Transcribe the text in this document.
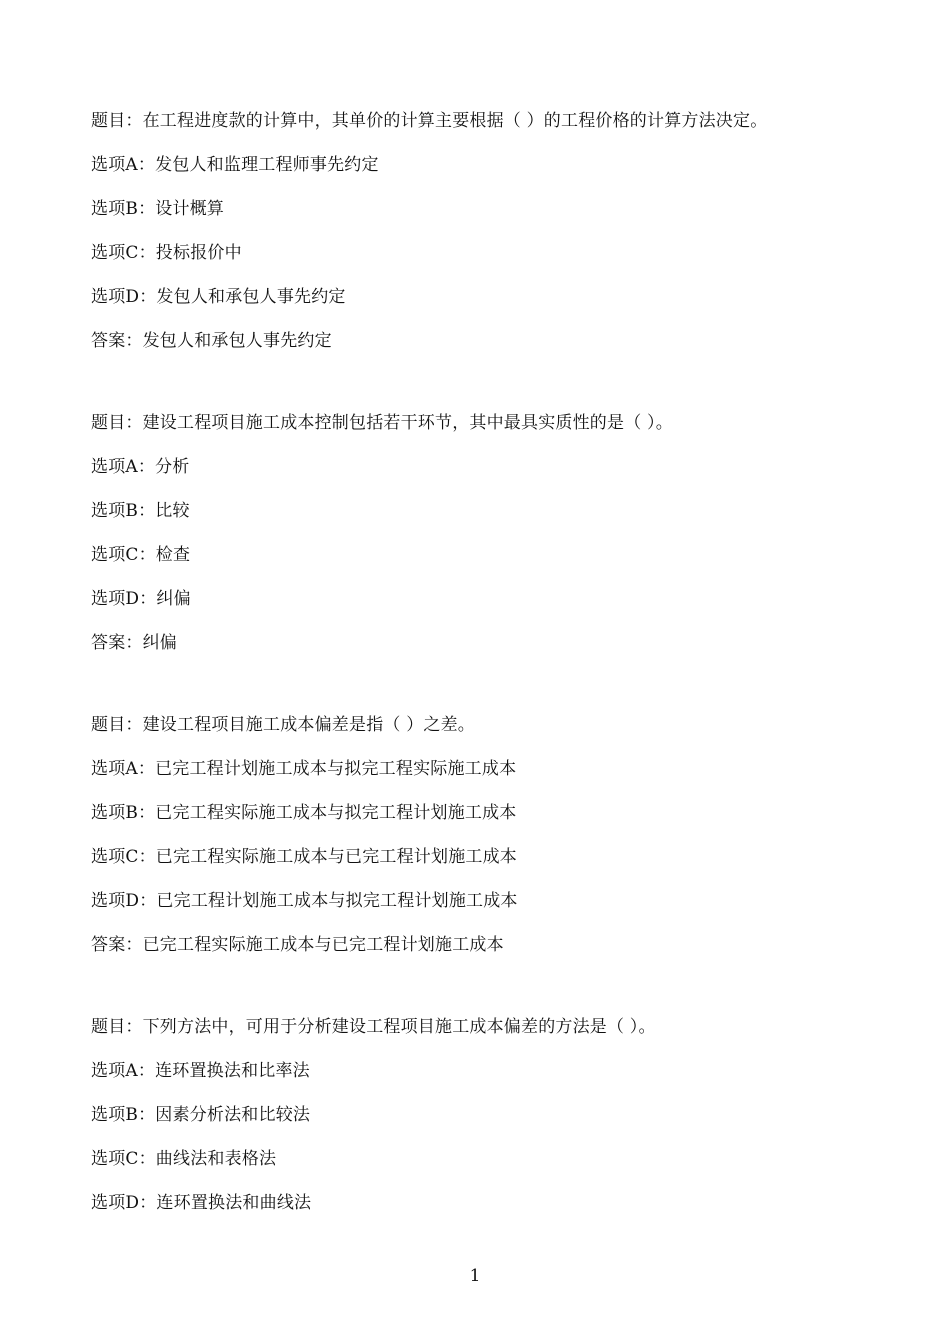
题目：在工程进度款的计算中，其单价的计算主要根据（ ）的工程价格的计算方法决定。
选项A：发包人和监理工程师事先约定
选项B：设计概算
选项C：投标报价中
选项D：发包人和承包人事先约定
答案：发包人和承包人事先约定
题目：建设工程项目施工成本控制包括若干环节，其中最具实质性的是（ ）。
选项A：分析
选项B：比较
选项C：检查
选项D：纠偏
答案：纠偏
题目：建设工程项目施工成本偏差是指（ ）之差。
选项A：已完工程计划施工成本与拟完工程实际施工成本
选项B：已完工程实际施工成本与拟完工程计划施工成本
选项C：已完工程实际施工成本与已完工程计划施工成本
选项D：已完工程计划施工成本与拟完工程计划施工成本
答案：已完工程实际施工成本与已完工程计划施工成本
题目：下列方法中，可用于分析建设工程项目施工成本偏差的方法是（ ）。
选项A：连环置换法和比率法
选项B：因素分析法和比较法
选项C：曲线法和表格法
选项D：连环置换法和曲线法
1
